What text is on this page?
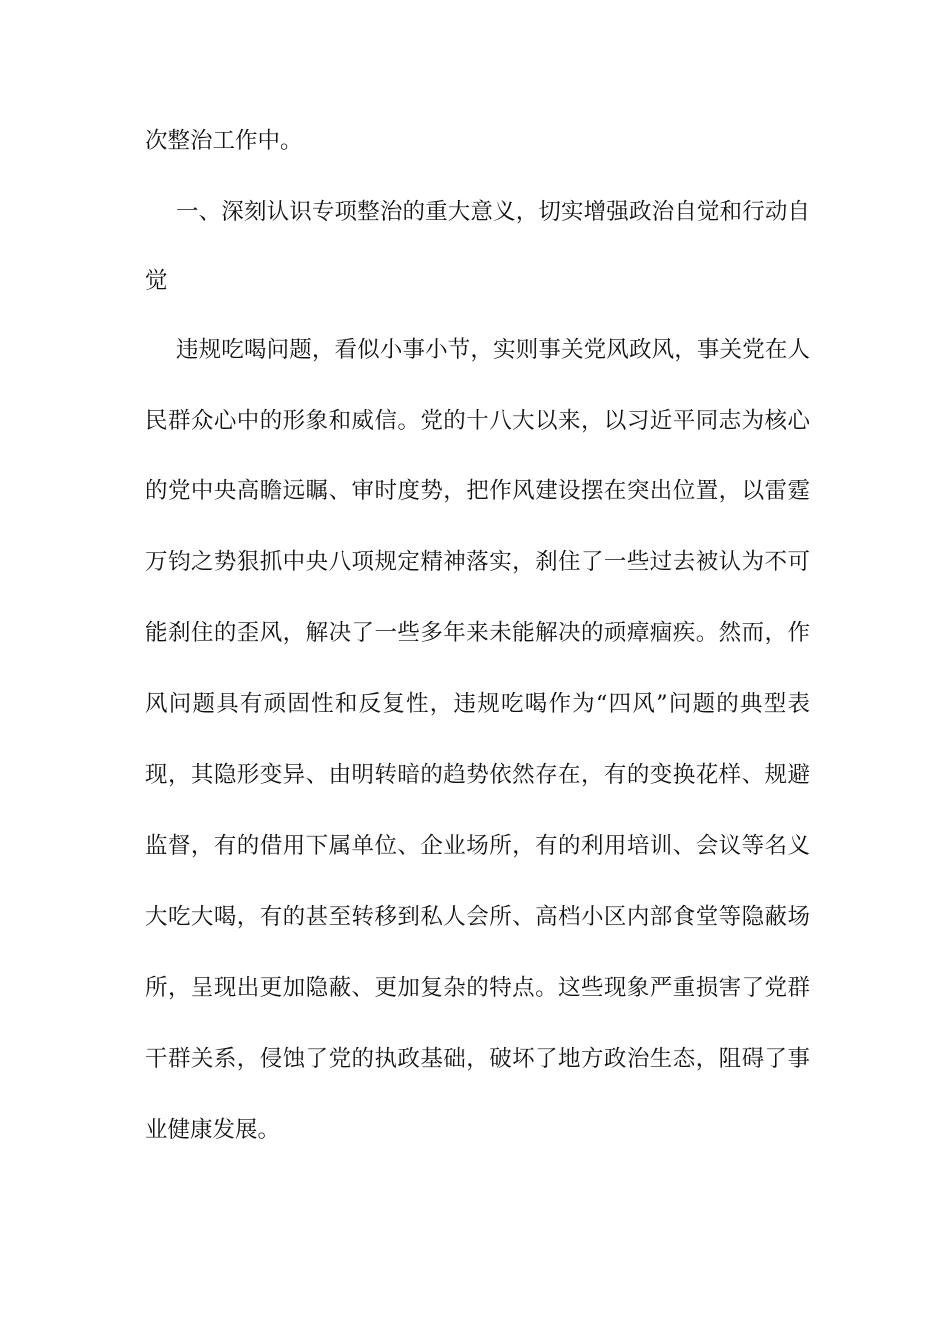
次整治工作中。
一、深刻认识专项整治的重大意义，切实增强政治自觉和行动自
觉
违规吃喝问题，看似小事小节，实则事关党风政风，事关党在人
民群众心中的形象和威信。党的十八大以来，以习近平同志为核心
的党中央高瞻远瞩、审时度势，把作风建设摆在突出位置，以雷霆
万钧之势狠抓中央八项规定精神落实，刹住了一些过去被认为不可
能刹住的歪风，解决了一些多年来未能解决的顽瘴痼疾。然而，作
风问题具有顽固性和反复性，违规吃喝作为“四风”问题的典型表
现，其隐形变异、由明转暗的趋势依然存在，有的变换花样、规避
监督，有的借用下属单位、企业场所，有的利用培训、会议等名义
大吃大喝，有的甚至转移到私人会所、高档小区内部食堂等隐蔽场
所，呈现出更加隐蔽、更加复杂的特点。这些现象严重损害了党群
干群关系，侵蚀了党的执政基础，破坏了地方政治生态，阻碍了事
业健康发展。
